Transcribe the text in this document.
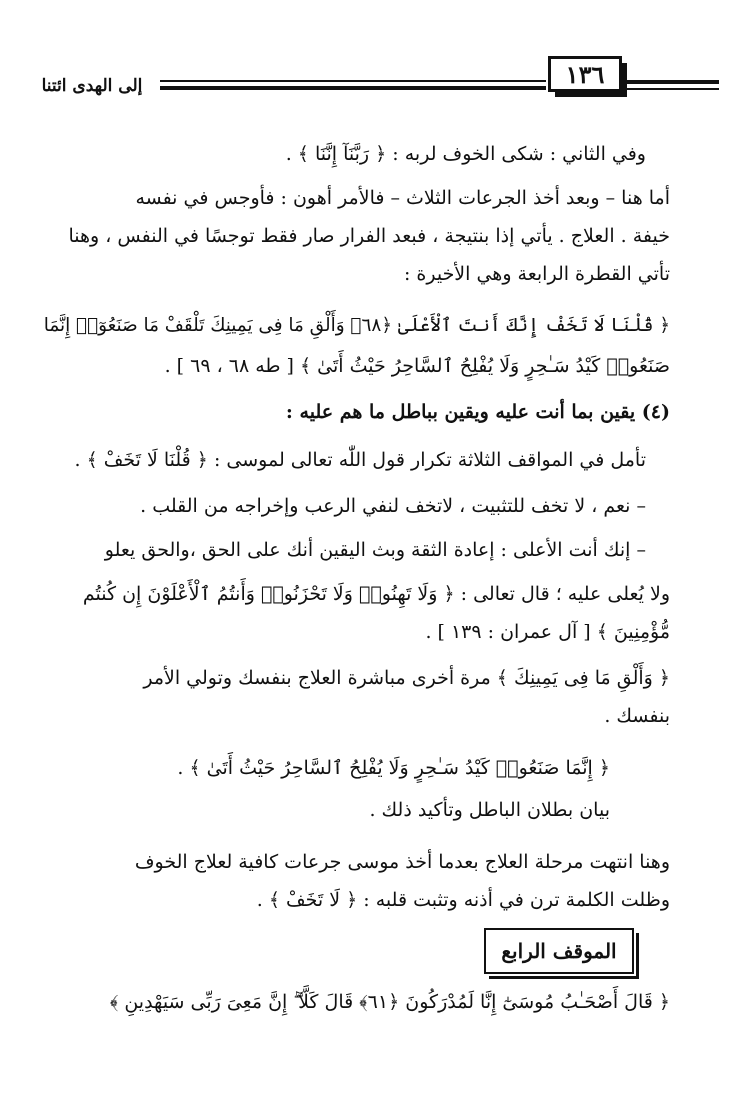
١٣٦
إلى الهدى ائتنا
وفي الثاني : شكى الخوف لربه : ﴿ رَبَّنَآ إِنَّنَا ﴾ .
أما هنا – وبعد أخذ الجرعات الثلاث – فالأمر أهون : فأوجس في نفسه
خيفة . العلاج . يأتي إذا بنتيجة ، فبعد الفرار صار فقط توجسًا في النفس ، وهنا
تأتي القطرة الرابعة وهي الأخيرة :
﴿ قُلْنَا لَا تَخَفْ إِنَّكَ أَنتَ ٱلْأَعْلَىٰ ﴿٦٨﴾ وَأَلْقِ مَا فِى يَمِينِكَ تَلْقَفْ مَا صَنَعُوٓا۟ إِنَّمَا
صَنَعُوا۟ كَيْدُ سَـٰحِرٍ وَلَا يُفْلِحُ ٱلسَّاحِرُ حَيْثُ أَتَىٰ ﴾ [ طه ٦٨ ، ٦٩ ] .
(٤) يقين بما أنت عليه ويقين بباطل ما هم عليه :
تأمل في المواقف الثلاثة تكرار قول اللّٰه تعالى لموسى : ﴿ قُلْنَا لَا تَخَفْ ﴾ .
– نعم ، لا تخف للتثبيت ، لاتخف لنفي الرعب وإخراجه من القلب .
– إنك أنت الأعلى : إعادة الثقة وبث اليقين أنك على الحق ،والحق يعلو
ولا يُعلى عليه ؛ قال تعالى : ﴿ وَلَا تَهِنُوا۟ وَلَا تَحْزَنُوا۟ وَأَنتُمُ ٱلْأَعْلَوْنَ إِن كُنتُم
مُّؤْمِنِينَ ﴾ [ آل عمران : ١٣٩ ] .
﴿ وَأَلْقِ مَا فِى يَمِينِكَ ﴾ مرة أخرى مباشرة العلاج بنفسك وتولي الأمر
بنفسك .
﴿ إِنَّمَا صَنَعُوا۟ كَيْدُ سَـٰحِرٍ وَلَا يُفْلِحُ ٱلسَّاحِرُ حَيْثُ أَتَىٰ ﴾ .
بيان بطلان الباطل وتأكيد ذلك .
وهنا انتهت مرحلة العلاج بعدما أخذ موسى جرعات كافية لعلاج الخوف
وظلت الكلمة ترن في أذنه وتثبت قلبه : ﴿ لَا تَخَفْ ﴾ .
الموقف الرابع
﴿ قَالَ أَصْحَـٰبُ مُوسَىٰٓ إِنَّا لَمُدْرَكُونَ ﴿٦١﴾ قَالَ كَلَّآ ۖ إِنَّ مَعِىَ رَبِّى سَيَهْدِينِ ﴾
